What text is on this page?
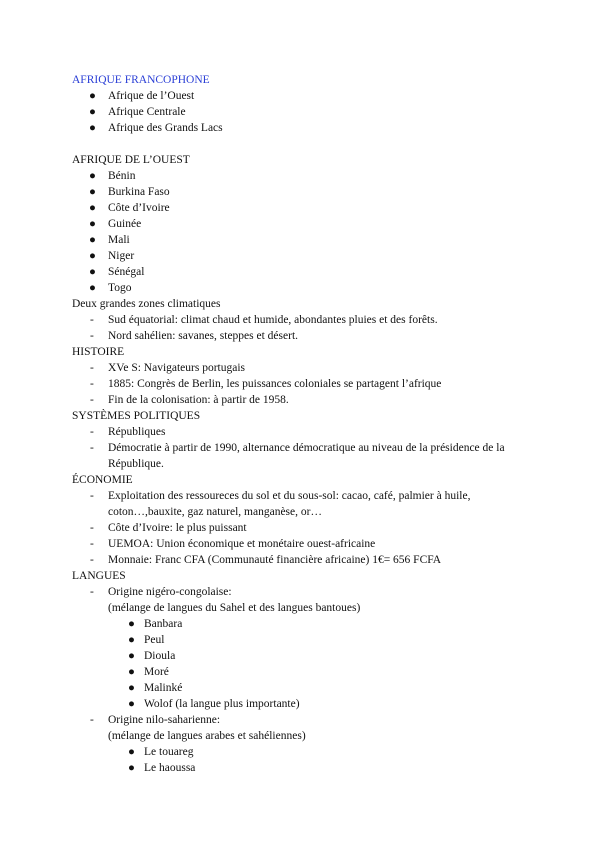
AFRIQUE FRANCOPHONE
● Afrique de l’Ouest
● Afrique Centrale
● Afrique des Grands Lacs
AFRIQUE DE L’OUEST
● Bénin
● Burkina Faso
● Côte d’Ivoire
● Guinée
● Mali
● Niger
● Sénégal
● Togo
Deux grandes zones climatiques
- Sud équatorial: climat chaud et humide, abondantes pluies et des forêts.
- Nord sahélien: savanes, steppes et désert.
HISTOIRE
- XVe S: Navigateurs portugais
- 1885: Congrès de Berlin, les puissances coloniales se partagent l’afrique
- Fin de la colonisation: à partir de 1958.
SYSTÈMES POLITIQUES
- Républiques
- Démocratie à partir de 1990, alternance démocratique au niveau de la présidence de la République.
ÉCONOMIE
- Exploitation des ressoureces du sol et du sous-sol: cacao, café, palmier à huile, coton…,bauxite, gaz naturel, manganèse, or…
- Côte d’Ivoire: le plus puissant
- UEMOA: Union économique et monétaire ouest-africaine
- Monnaie: Franc CFA (Communauté financière africaine) 1€= 656 FCFA
LANGUES
- Origine nigéro-congolaise:
(mélange de langues du Sahel et des langues bantoues)
● Banbara
● Peul
● Dioula
● Moré
● Malinké
● Wolof (la langue plus importante)
- Origine nilo-saharienne:
(mélange de langues arabes et sahéliennes)
● Le touareg
● Le haoussa
